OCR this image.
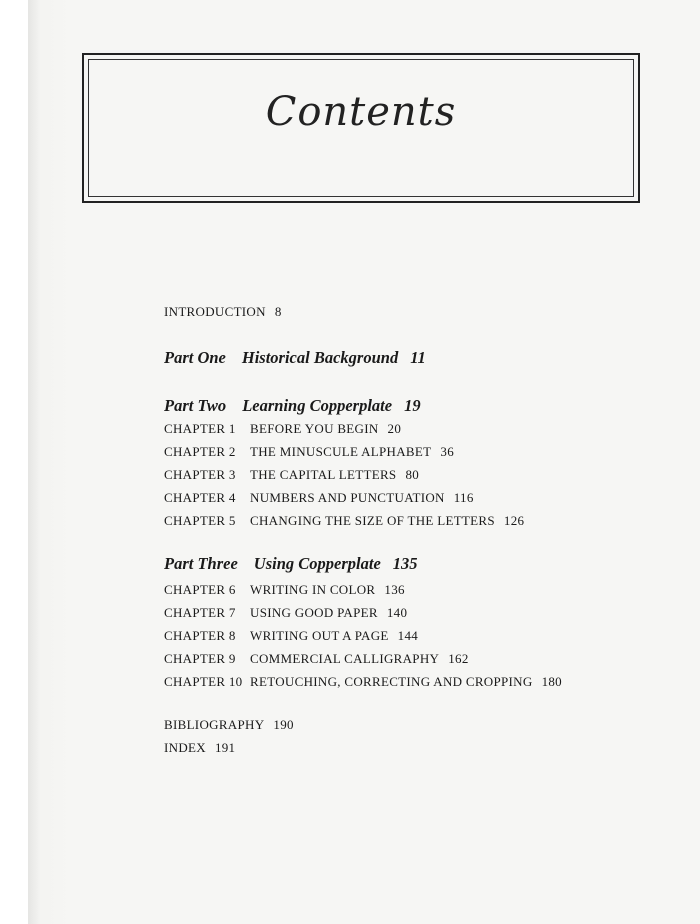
Contents
INTRODUCTION 8
Part One Historical Background 11
Part Two Learning Copperplate 19
CHAPTER 1 BEFORE YOU BEGIN 20
CHAPTER 2 THE MINUSCULE ALPHABET 36
CHAPTER 3 THE CAPITAL LETTERS 80
CHAPTER 4 NUMBERS AND PUNCTUATION 116
CHAPTER 5 CHANGING THE SIZE OF THE LETTERS 126
Part Three Using Copperplate 135
CHAPTER 6 WRITING IN COLOR 136
CHAPTER 7 USING GOOD PAPER 140
CHAPTER 8 WRITING OUT A PAGE 144
CHAPTER 9 COMMERCIAL CALLIGRAPHY 162
CHAPTER 10 RETOUCHING, CORRECTING AND CROPPING 180
BIBLIOGRAPHY 190
INDEX 191
